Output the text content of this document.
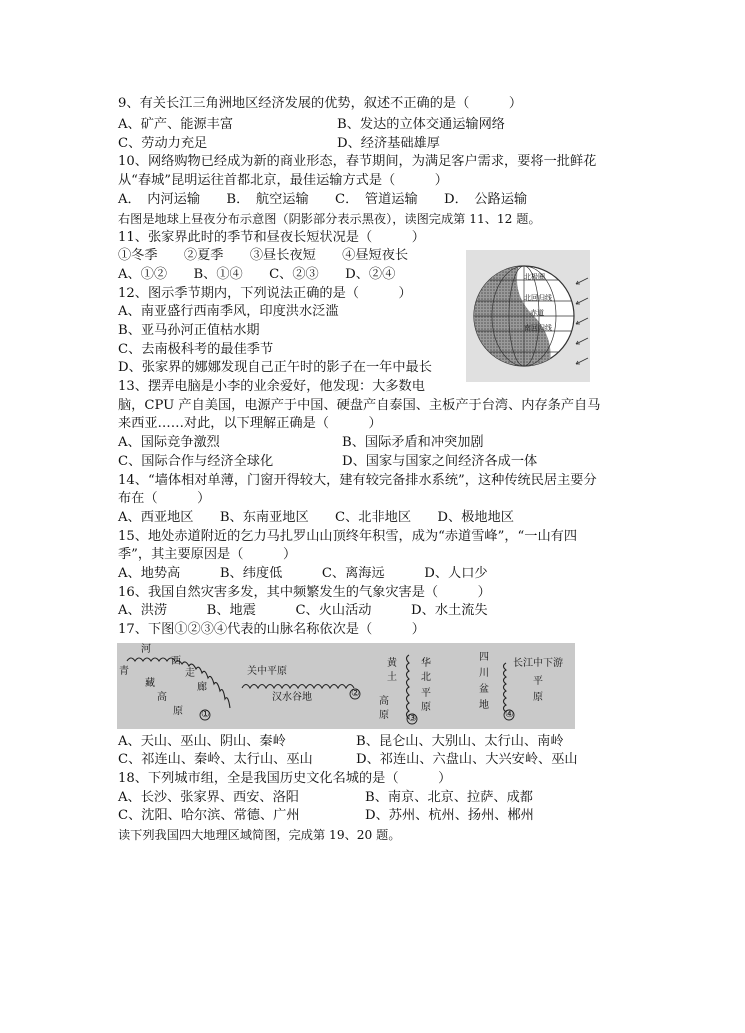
9、有关长江三角洲地区经济发展的优势，叙述不正确的是（　　　）
A、矿产、能源丰富	B、发达的立体交通运输网络
C、劳动力充足	D、经济基础雄厚
10、网络购物已经成为新的商业形态，春节期间，为满足客户需求，要将一批鲜花
从“春城”昆明运往首都北京，最佳运输方式是（　　　）
A．　内河运输　　B．　航空运输　　C．　管道运输　　D．　公路运输
右图是地球上昼夜分布示意图（阴影部分表示黑夜），读图完成第 11、12 题。
11、张家界此时的季节和昼夜长短状况是（　　　）
①冬季　　②夏季　　③昼长夜短　　④昼短夜长
A、①②　　B、①④　　C、②③　　D、②④
12、图示季节期内，下列说法正确的是（　　　）
A、南亚盛行西南季风，印度洪水泛滥
B、亚马孙河正值枯水期
C、去南极科考的最佳季节
D、张家界的娜娜发现自己正午时的影子在一年中最长
北极圈
北回归线
赤道
南回归线
13、摆弄电脑是小李的业余爱好，他发现：大多数电
脑，CPU 产自美国，电源产于中国、硬盘产自泰国、主板产于台湾、内存条产自马
来西亚……对此，以下理解正确是（　　　）
A、国际竞争激烈	B、国际矛盾和冲突加剧
C、国际合作与经济全球化	D、国家与国家之间经济各成一体
14、“墙体相对单薄，门窗开得较大，建有较完备排水系统”，这种传统民居主要分
布在（　　　）
A、西亚地区　　B、东南亚地区　　C、北非地区　　D、极地地区
15、地处赤道附近的乞力马扎罗山山顶终年积雪，成为“赤道雪峰”，“一山有四
季”，其主要原因是（　　　）
A、地势高　　　B、纬度低　　　C、离海远　　　D、人口少
16、我国自然灾害多发，其中频繁发生的气象灾害是（　　　）
A、洪涝　　　B、地震　　　C、火山活动　　　D、水土流失
17、下图①②③④代表的山脉名称依次是（　　　）
河
西
走
廊
青
藏
高
原 ①
关中平原
汉水谷地	②
黄
土
高
原
华
北
平
原
③
四
川
盆
地
长江中下游
平
原
④
A、天山、巫山、阴山、秦岭	B、昆仑山、大别山、太行山、南岭
C、祁连山、秦岭、太行山、巫山	D、祁连山、六盘山、大兴安岭、巫山
18、下列城市组，全是我国历史文化名城的是（　　　）
A、长沙、张家界、西安、洛阳	B、南京、北京、拉萨、成都
C、沈阳、哈尔滨、常德、广州	D、苏州、杭州、扬州、郴州
读下列我国四大地理区域简图，完成第 19、20 题。
